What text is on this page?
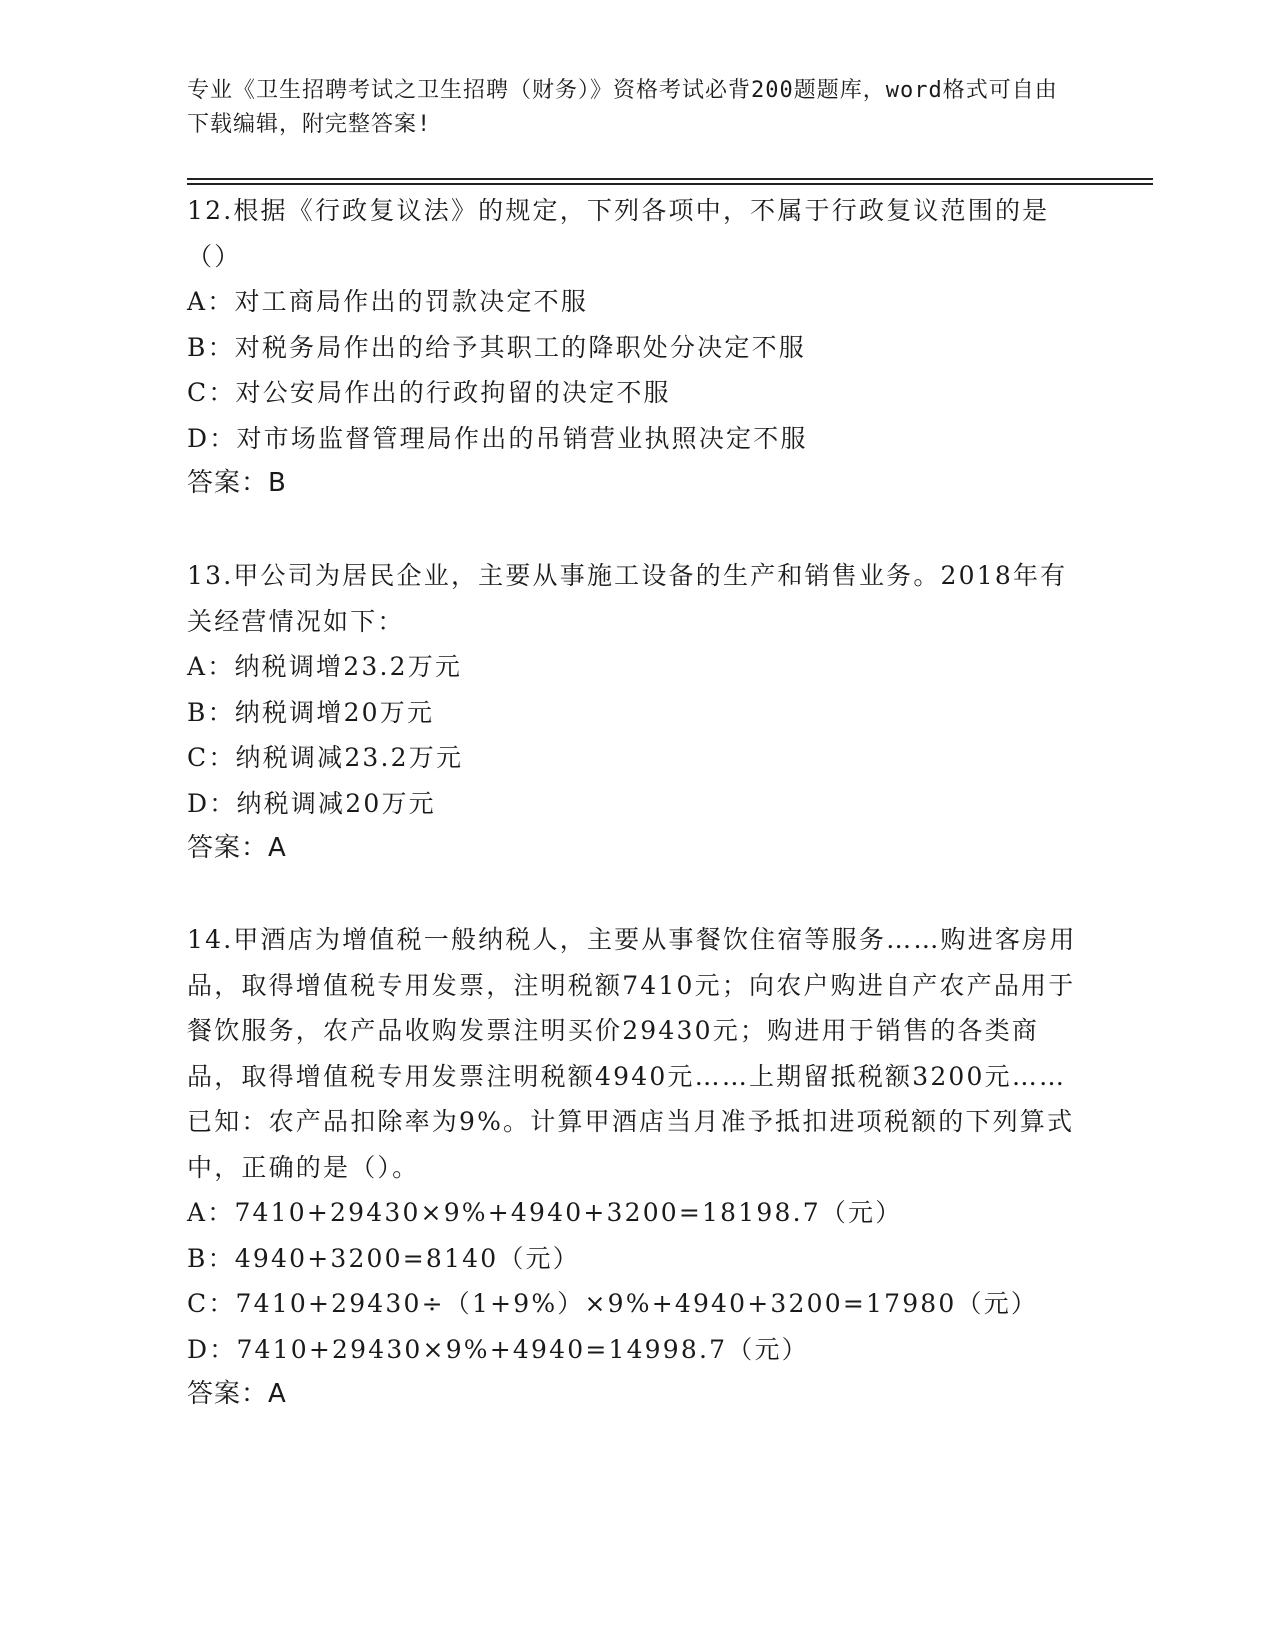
专业《卫生招聘考试之卫生招聘（财务）》资格考试必背200题题库，word格式可自由下载编辑，附完整答案!
12.根据《行政复议法》的规定，下列各项中，不属于行政复议范围的是（）
A：对工商局作出的罚款决定不服
B：对税务局作出的给予其职工的降职处分决定不服
C：对公安局作出的行政拘留的决定不服
D：对市场监督管理局作出的吊销营业执照决定不服
答案：B
13.甲公司为居民企业，主要从事施工设备的生产和销售业务。2018年有关经营情况如下：
A：纳税调增23.2万元
B：纳税调增20万元
C：纳税调减23.2万元
D：纳税调减20万元
答案：A
14.甲酒店为增值税一般纳税人，主要从事餐饮住宿等服务……购进客房用品，取得增值税专用发票，注明税额7410元；向农户购进自产农产品用于餐饮服务，农产品收购发票注明买价29430元；购进用于销售的各类商品，取得增值税专用发票注明税额4940元……上期留抵税额3200元……已知：农产品扣除率为9%。计算甲酒店当月准予抵扣进项税额的下列算式中，正确的是（）。
A：7410+29430×9%+4940+3200=18198.7（元）
B：4940+3200=8140（元）
C：7410+29430÷（1+9%）×9%+4940+3200=17980（元）
D：7410+29430×9%+4940=14998.7（元）
答案：A
